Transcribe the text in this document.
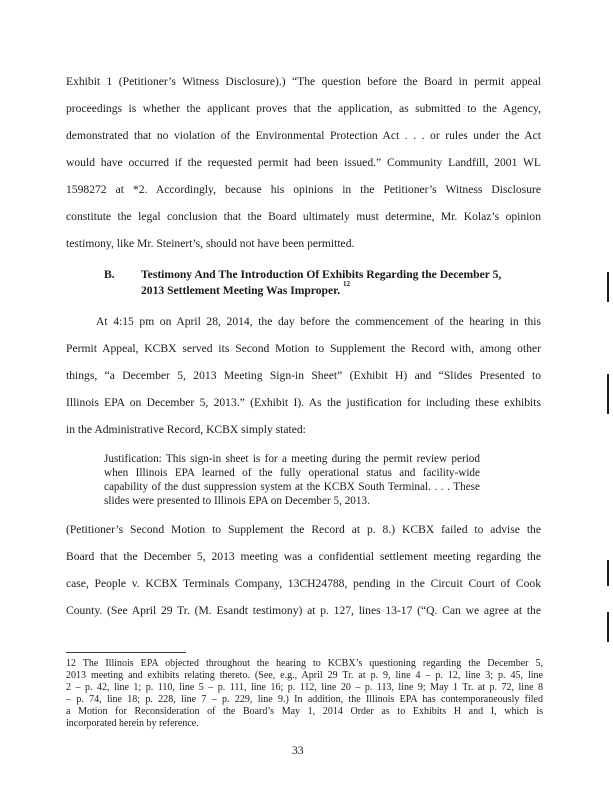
Exhibit 1 (Petitioner’s Witness Disclosure).) “The question before the Board in permit appeal
proceedings is whether the applicant proves that the application, as submitted to the Agency,
demonstrated that no violation of the Environmental Protection Act . . . or rules under the Act
would have occurred if the requested permit had been issued.” Community Landfill, 2001 WL
1598272 at *2. Accordingly, because his opinions in the Petitioner’s Witness Disclosure
constitute the legal conclusion that the Board ultimately must determine, Mr. Kolaz’s opinion
testimony, like Mr. Steinert’s, should not have been permitted.
B. Testimony And The Introduction Of Exhibits Regarding the December 5,
2013 Settlement Meeting Was Improper. $^{12}$
At 4:15 pm on April 28, 2014, the day before the commencement of the hearing in this
Permit Appeal, KCBX served its Second Motion to Supplement the Record with, among other
things, “a December 5, 2013 Meeting Sign-in Sheet” (Exhibit H) and “Slides Presented to
Illinois EPA on December 5, 2013.” (Exhibit I). As the justification for including these exhibits
in the Administrative Record, KCBX simply stated:
Justification: This sign-in sheet is for a meeting during the permit review period
when Illinois EPA learned of the fully operational status and facility-wide
capability of the dust suppression system at the KCBX South Terminal. . . . These
slides were presented to Illinois EPA on December 5, 2013.
(Petitioner’s Second Motion to Supplement the Record at p. 8.) KCBX failed to advise the
Board that the December 5, 2013 meeting was a confidential settlement meeting regarding the
case, People v. KCBX Terminals Company, 13CH24788, pending in the Circuit Court of Cook
County. (See April 29 Tr. (M. Esandt testimony) at p. 127, lines 13-17 (“Q. Can we agree at the
12 The Illinois EPA objected throughout the hearing to KCBX’s questioning regarding the December 5,
2013 meeting and exhibits relating thereto. (See, e.g., April 29 Tr. at p. 9, line 4 – p. 12, line 3; p. 45, line
2 – p. 42, line 1; p. 110, line 5 – p. 111, line 16; p. 112, line 20 – p. 113, line 9; May 1 Tr. at p. 72, line 8
– p. 74, line 18; p. 228, line 7 – p. 229, line 9.) In addition, the Illinois EPA has contemporaneously filed
a Motion for Reconsideration of the Board’s May 1, 2014 Order as to Exhibits H and I, which is
incorporated herein by reference.
33
